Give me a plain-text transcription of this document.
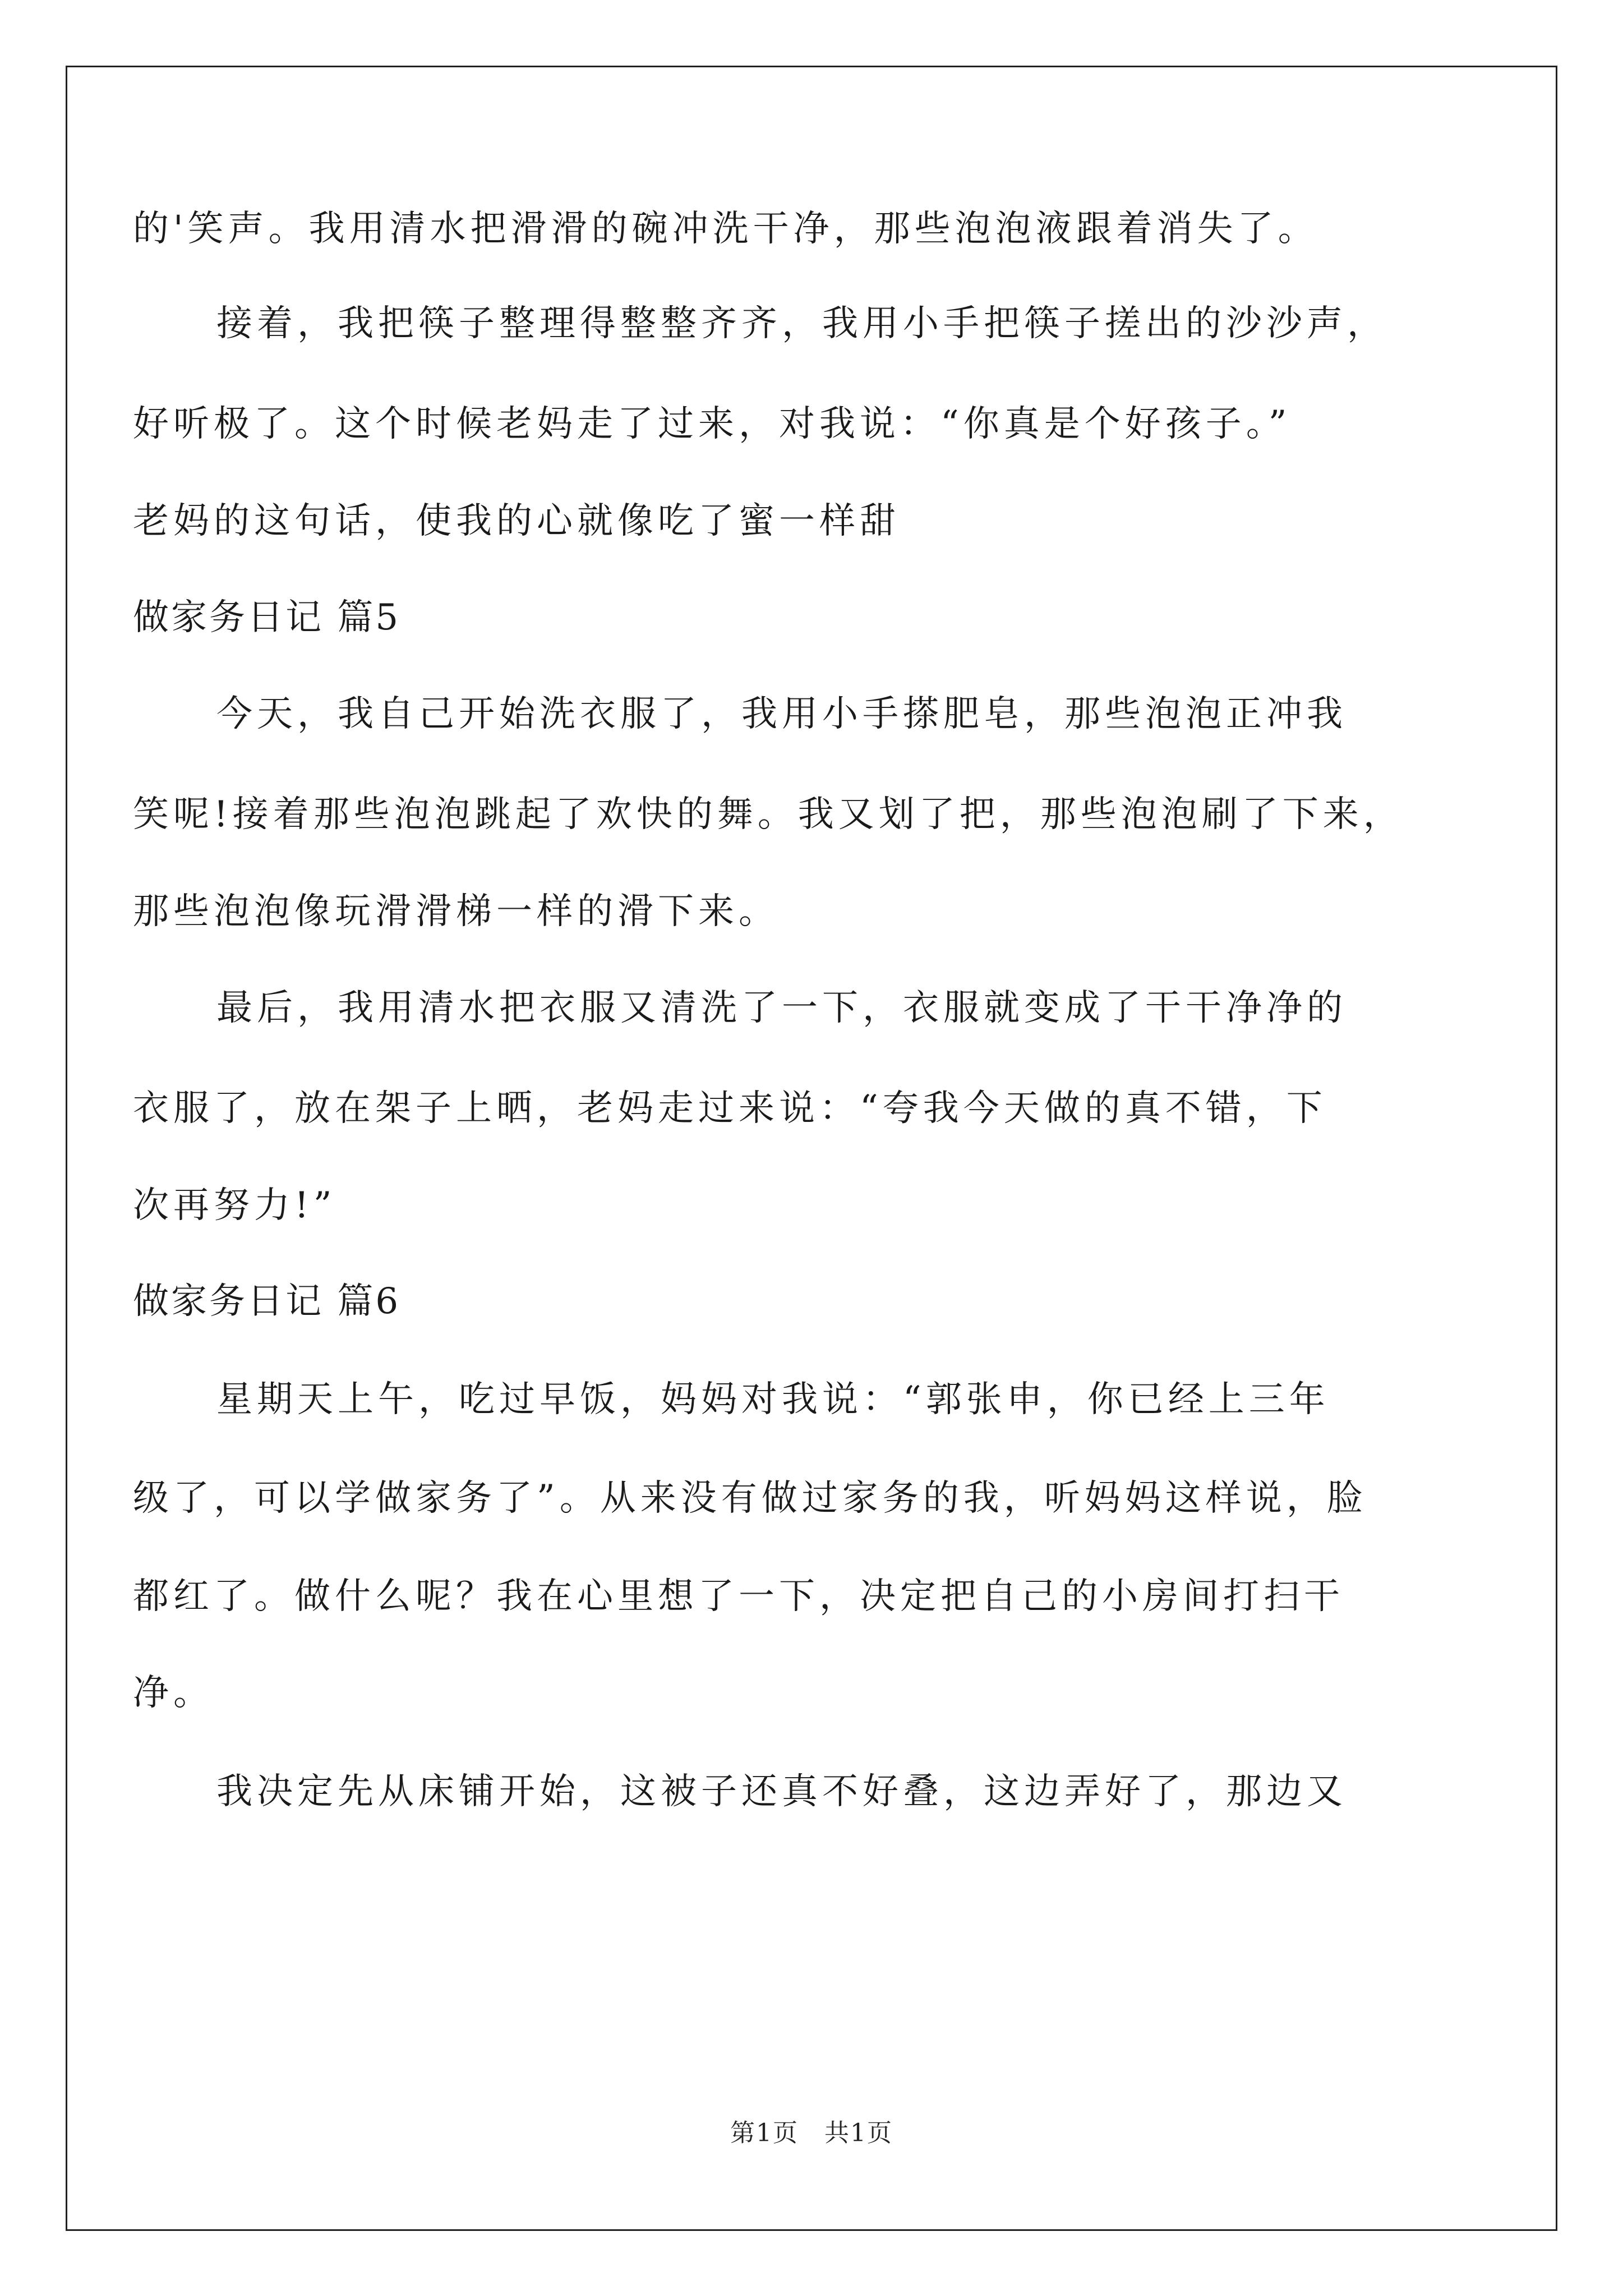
的'笑声。我用清水把滑滑的碗冲洗干净，那些泡泡液跟着消失了。
接着，我把筷子整理得整整齐齐，我用小手把筷子搓出的沙沙声，
好听极了。这个时候老妈走了过来，对我说：“你真是个好孩子。”
老妈的这句话，使我的心就像吃了蜜一样甜
做家务日记 篇5
今天，我自己开始洗衣服了，我用小手搽肥皂，那些泡泡正冲我
笑呢!接着那些泡泡跳起了欢快的舞。我又划了把，那些泡泡刷了下来，
那些泡泡像玩滑滑梯一样的滑下来。
最后，我用清水把衣服又清洗了一下，衣服就变成了干干净净的
衣服了，放在架子上晒，老妈走过来说：“夸我今天做的真不错，下
次再努力!”
做家务日记 篇6
星期天上午，吃过早饭，妈妈对我说：“郭张申，你已经上三年
级了，可以学做家务了”。从来没有做过家务的我，听妈妈这样说，脸
都红了。做什么呢？我在心里想了一下，决定把自己的小房间打扫干
净。
我决定先从床铺开始，这被子还真不好叠，这边弄好了，那边又
第1页　共1页
